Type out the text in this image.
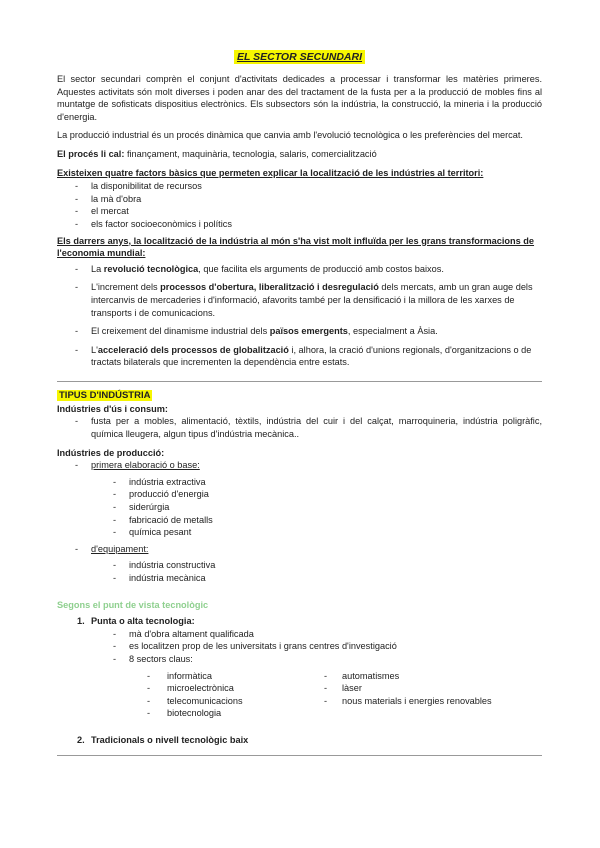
EL SECTOR SECUNDARI

El sector secundari comprèn el conjunt d'activitats dedicades a processar i transformar les matèries primeres. Aquestes activitats són molt diverses i poden anar des del tractament de la fusta per a la producció de mobles fins al muntatge de sofisticats dispositius electrònics. Els subsectors són la indústria, la construcció, la mineria i la producció d'energia.

La producció industrial és un procés dinàmica que canvia amb l'evolució tecnològica o les preferències del mercat.

El procés li cal: finançament, maquinària, tecnologia, salaris, comercialització

Existeixen quatre factors bàsics que permeten explicar la localització de les indústries al territori:

- la disponibilitat de recursos
- la mà d'obra
- el mercat
- els factor socioeconòmics i polítics

Els darrers anys, la localització de la indústria al món s'ha vist molt influïda per les grans transformacions de l'economia mundial:

- La revolució tecnològica, que facilita els arguments de producció amb costos baixos.
- L'increment dels processos d'obertura, liberalització i desregulació dels mercats, amb un gran auge dels intercanvis de mercaderies i d'informació, afavorits també per la densificació i la millora de les xarxes de transports i de comunicacions.
- El creixement del dinamisme industrial dels països emergents, especialment a Àsia.
- L'acceleració dels processos de globalització i, alhora, la cració d'unions regionals, d'organitzacions o de tractats bilaterals que incrementen la dependència entre estats.
TIPUS D'INDÚSTRIA

Indústries d'ús i consum:

- fusta per a mobles, alimentació, tèxtils, indústria del cuir i del calçat, marroquineria, indústria poligràfic, química lleugera, algun tipus d'indústria mecànica..

Indústries de producció:

- primera elaboració o base:
- indústria extractiva
- producció d'energia
- siderúrgia
- fabricació de metalls
- química pesant
- d'equipament:
- indústria constructiva
- indústria mecànica

Segons el punt de vista tecnològic

1. Punta o alta tecnologia:
- mà d'obra altament qualificada
- es localitzen prop de les universitats i grans centres d'investigació
- 8 sectors claus:
- informàtica
- microelectrònica
- telecomunicacions
- biotecnologia
- automatismes
- làser
- nous materials i energies renovables
2. Tradicionals o nivell tecnològic baix
